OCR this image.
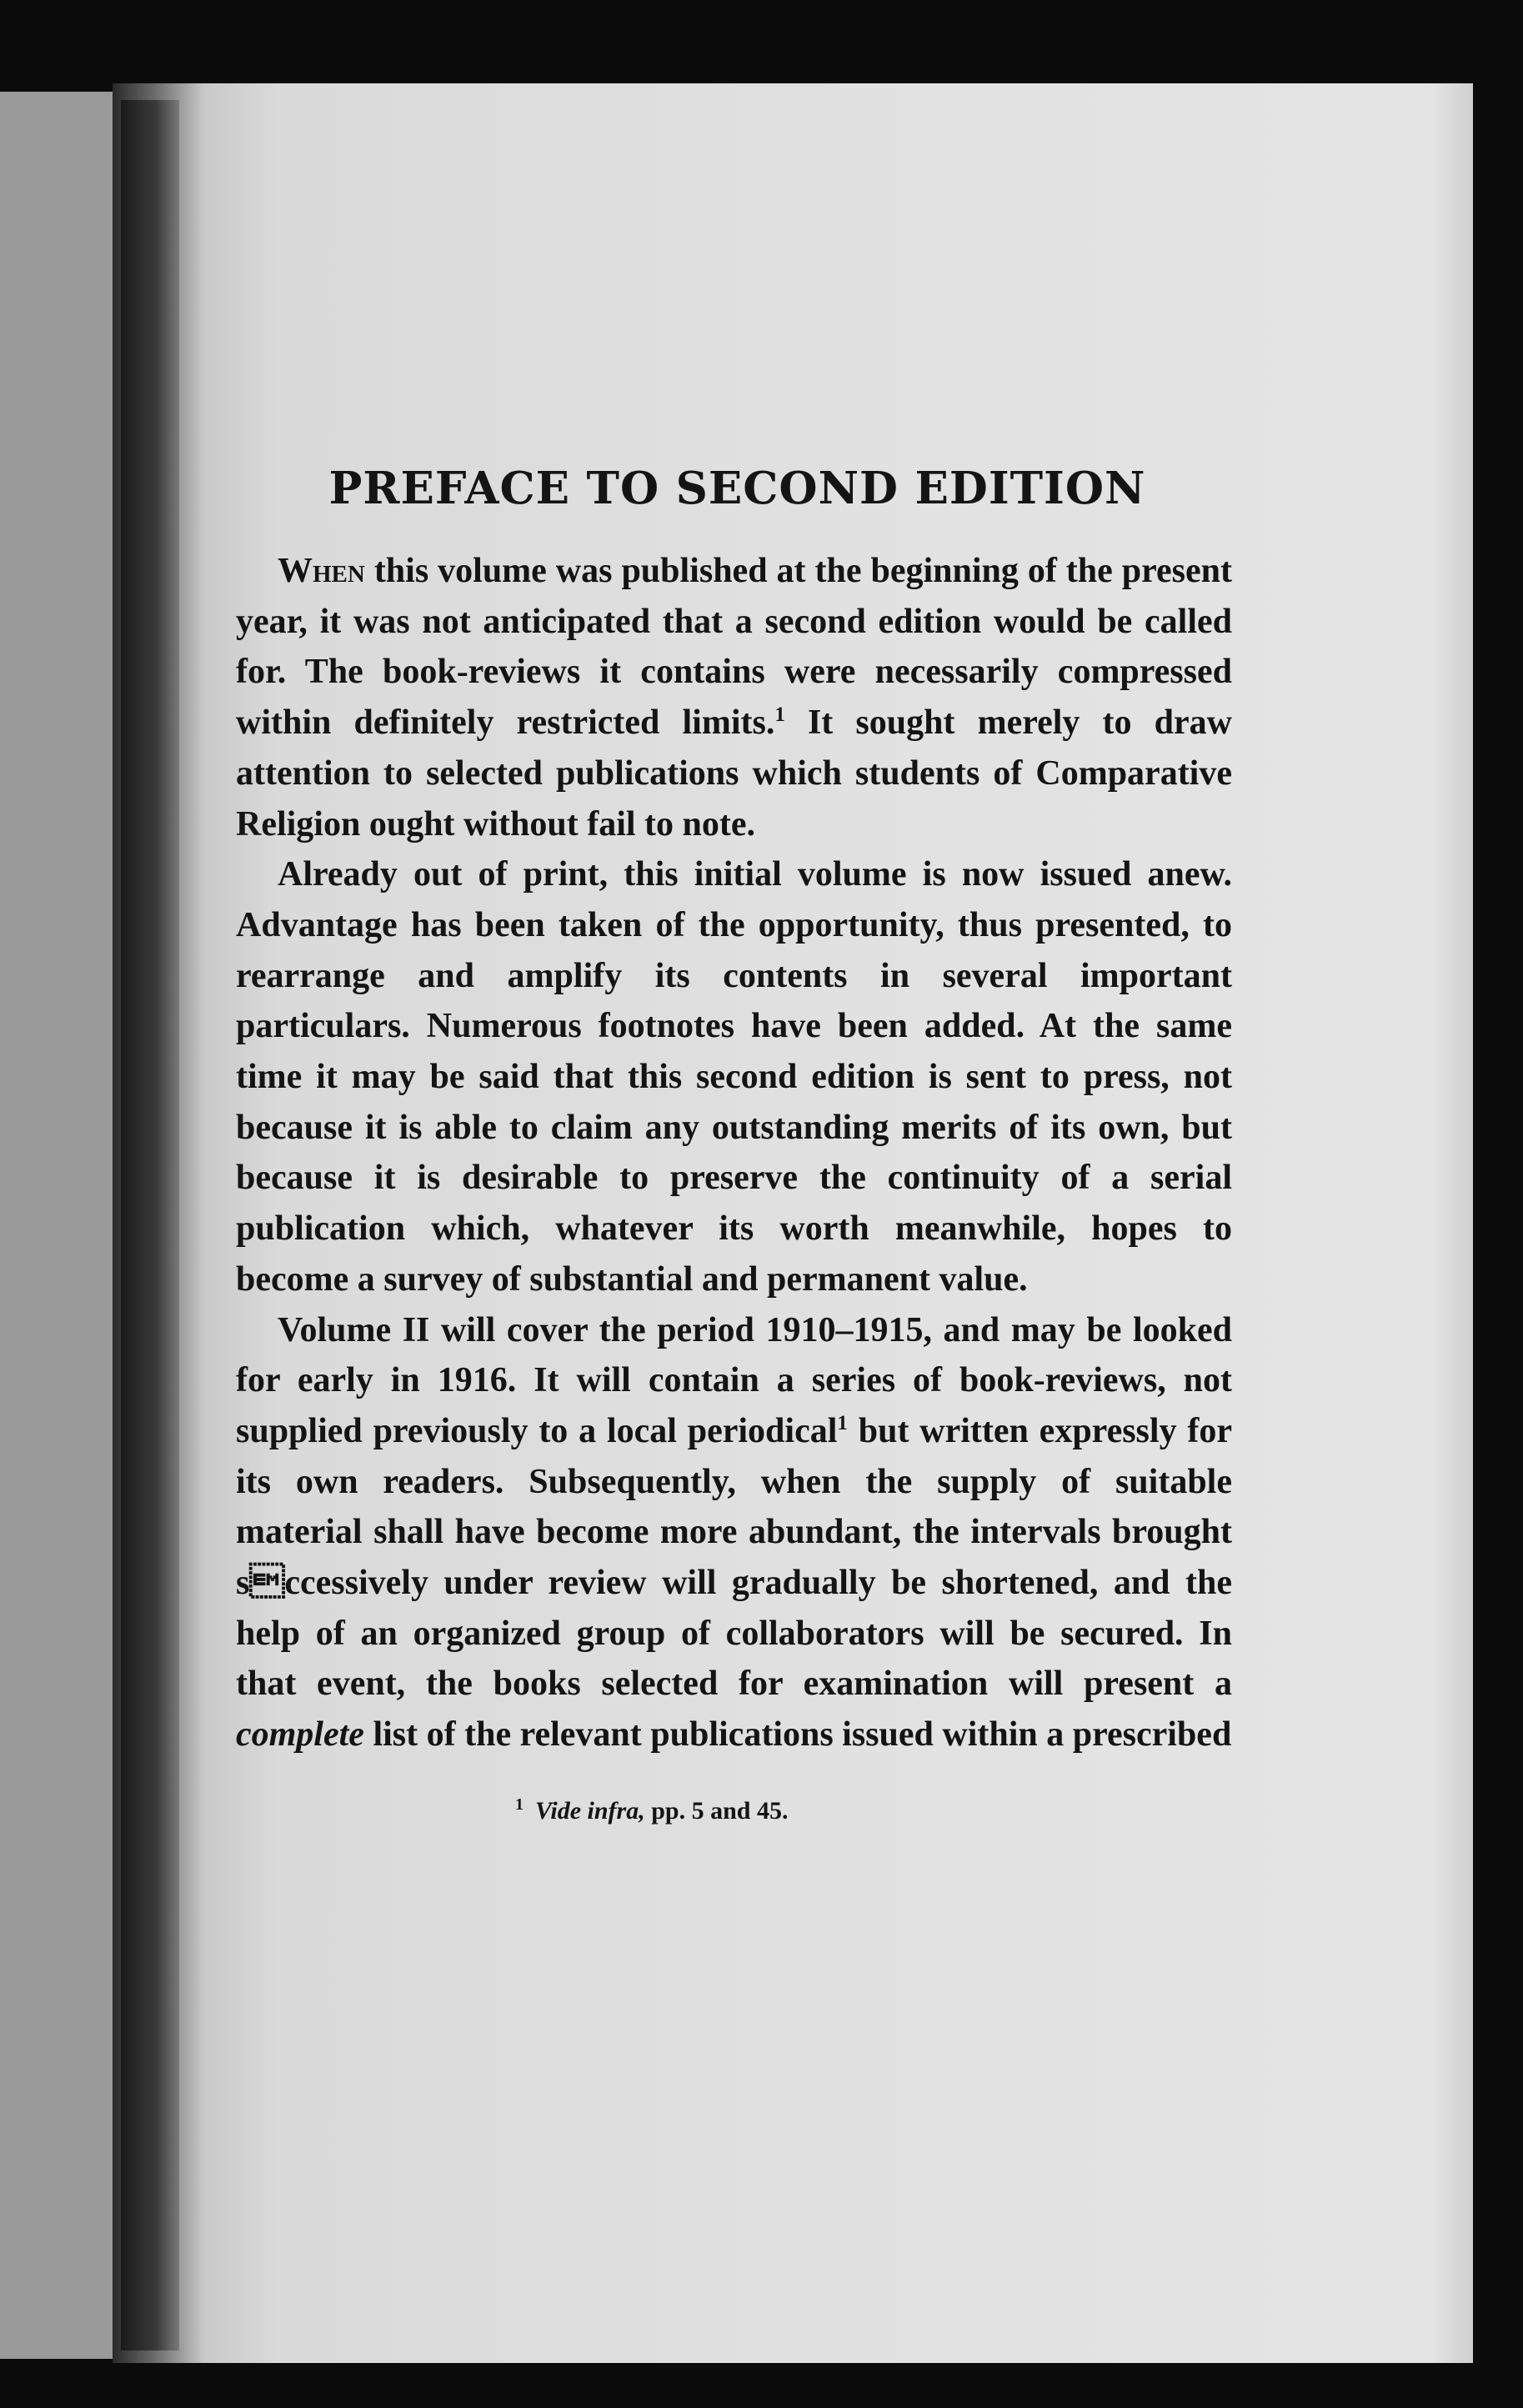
PREFACE TO SECOND EDITION

When this volume was published at the beginning of the present year, it was not anticipated that a second edition would be called for. The book-reviews it contains were necessarily compressed within definitely restricted limits.$^1$ It sought merely to draw attention to selected publications which students of Comparative Religion ought without fail to note.

Already out of print, this initial volume is now issued anew. Advantage has been taken of the opportunity, thus presented, to rearrange and amplify its contents in several important particulars. Numerous footnotes have been added. At the same time it may be said that this second edition is sent to press, not because it is able to claim any outstanding merits of its own, but because it is desirable to preserve the continuity of a serial publication which, whatever its worth meanwhile, hopes to become a survey of substantial and permanent value.

Volume II will cover the period 1910–1915, and may be looked for early in 1916. It will contain a series of book-reviews, not supplied previously to a local periodical$^1$ but written expressly for its own readers. Subsequently, when the supply of suitable material shall have become more abundant, the intervals brought sccessively under review will gradually be shortened, and the help of an organized group of collaborators will be secured. In that event, the books selected for examination will present a complete list of the relevant publications issued within a prescribed

$^1$ Vide infra, pp. 5 and 45.
